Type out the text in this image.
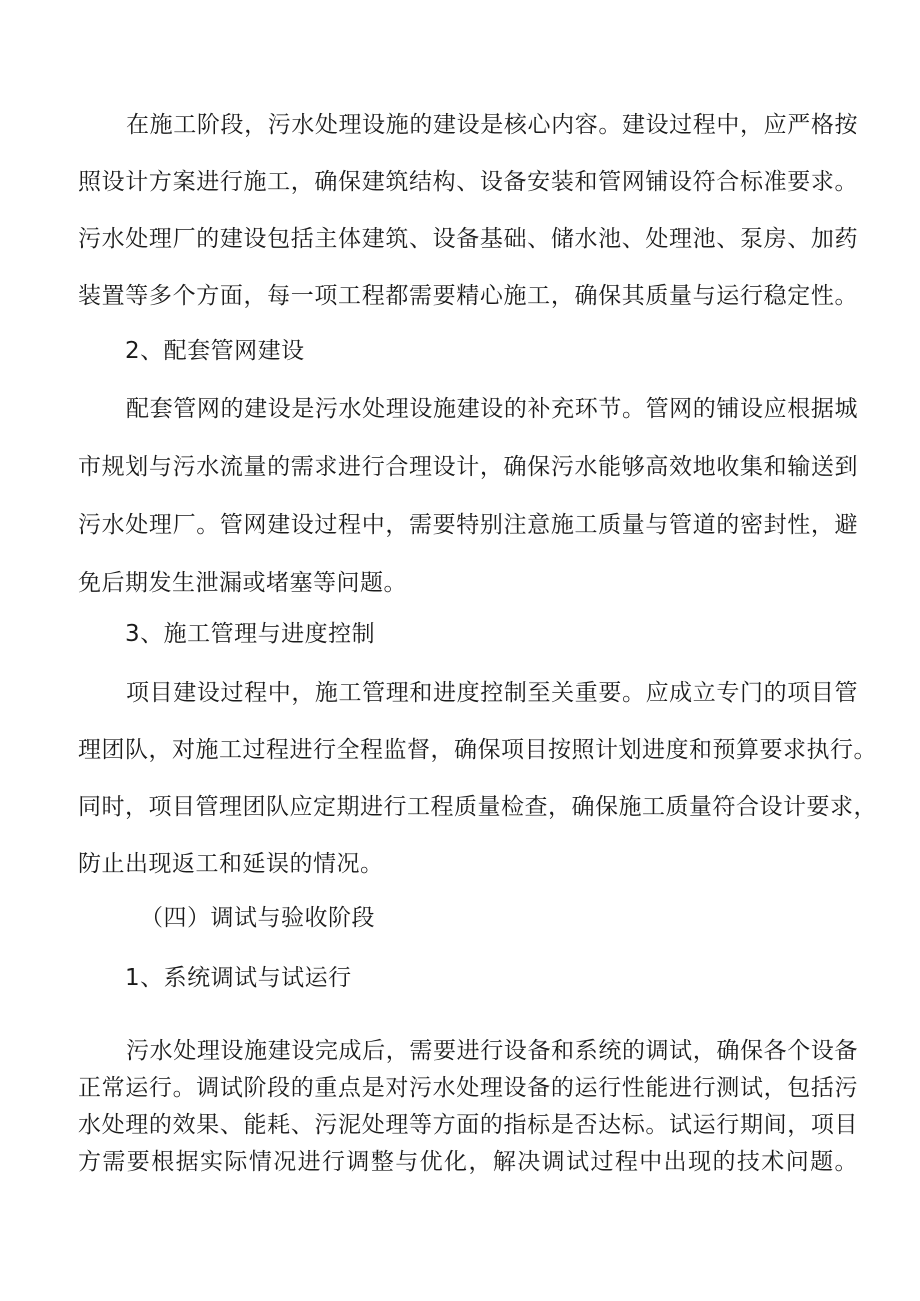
在施工阶段，污水处理设施的建设是核心内容。建设过程中，应严格按
照设计方案进行施工，确保建筑结构、设备安装和管网铺设符合标准要求。
污水处理厂的建设包括主体建筑、设备基础、储水池、处理池、泵房、加药
装置等多个方面，每一项工程都需要精心施工，确保其质量与运行稳定性。
2、配套管网建设
配套管网的建设是污水处理设施建设的补充环节。管网的铺设应根据城
市规划与污水流量的需求进行合理设计，确保污水能够高效地收集和输送到
污水处理厂。管网建设过程中，需要特别注意施工质量与管道的密封性，避
免后期发生泄漏或堵塞等问题。
3、施工管理与进度控制
项目建设过程中，施工管理和进度控制至关重要。应成立专门的项目管
理团队，对施工过程进行全程监督，确保项目按照计划进度和预算要求执行。
同时，项目管理团队应定期进行工程质量检查，确保施工质量符合设计要求，
防止出现返工和延误的情况。
（四）调试与验收阶段
1、系统调试与试运行
污水处理设施建设完成后，需要进行设备和系统的调试，确保各个设备
正常运行。调试阶段的重点是对污水处理设备的运行性能进行测试，包括污
水处理的效果、能耗、污泥处理等方面的指标是否达标。试运行期间，项目
方需要根据实际情况进行调整与优化，解决调试过程中出现的技术问题。
